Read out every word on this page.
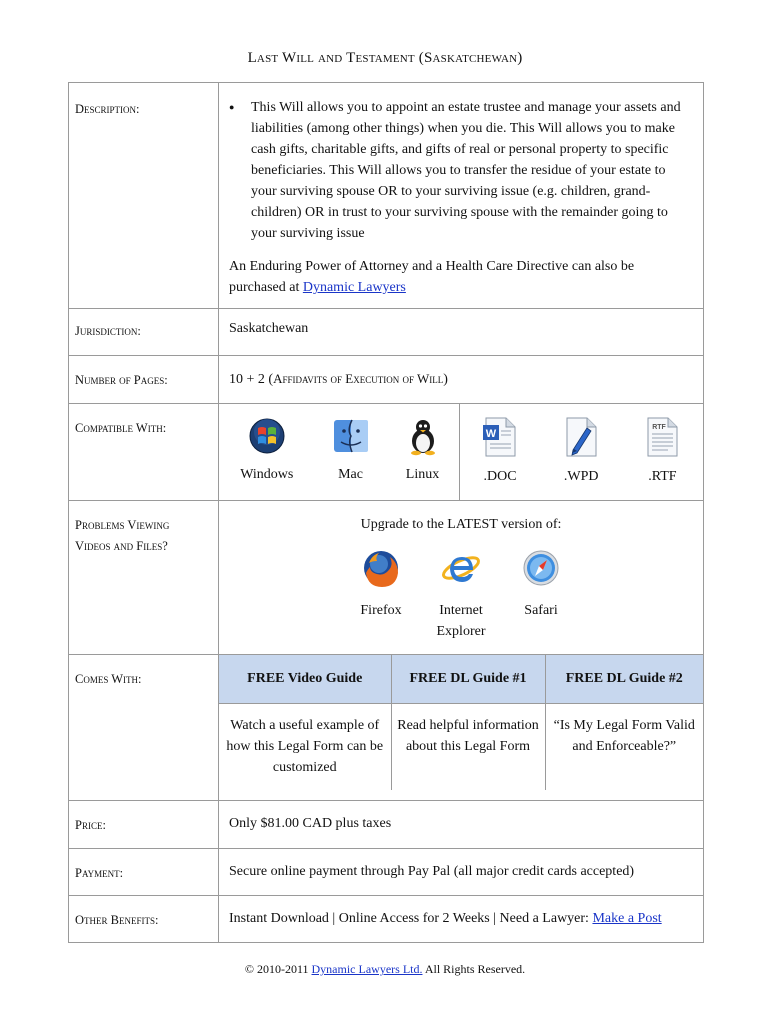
Last Will and Testament (Saskatchewan)
Description:	
●This Will allows you to appoint an estate trustee and manage your assets and liabilities (among other things) when you die. This Will allows you to make cash gifts, charitable gifts, and gifts of real or personal property to specific beneficiaries. This Will allows you to transfer the residue of your estate to your surviving spouse OR to your surviving issue (e.g. children, grand-children) OR in trust to your surviving spouse with the remainder going to your surviving issue
An Enduring Power of Attorney and a Health Care Directive can also be purchased at Dynamic Lawyers

Jurisdiction:	Saskatchewan
Number of Pages:	10 + 2 (Affidavits of Execution of Will)
Compatible With:	
Windows	Mac	Linux

W
.DOC	.WPD

RTF
.RTF

Problems Viewing
Videos and Files?

Upgrade to the LATEST version of:
Firefox	Internet Explorer

Safari

Comes With:		FREE Video Guide	FREE DL Guide #1	FREE DL Guide #2
Watch a useful example of how this Legal Form can be customized	Read helpful information about this Legal Form	“Is My Legal Form Valid and Enforceable?”

Price:	Only $81.00 CAD plus taxes
Payment:	Secure online payment through Pay Pal (all major credit cards accepted)
Other Benefits:	Instant Download | Online Access for 2 Weeks | Need a Lawyer: Make a Post
© 2010-2011 Dynamic Lawyers Ltd. All Rights Reserved.
